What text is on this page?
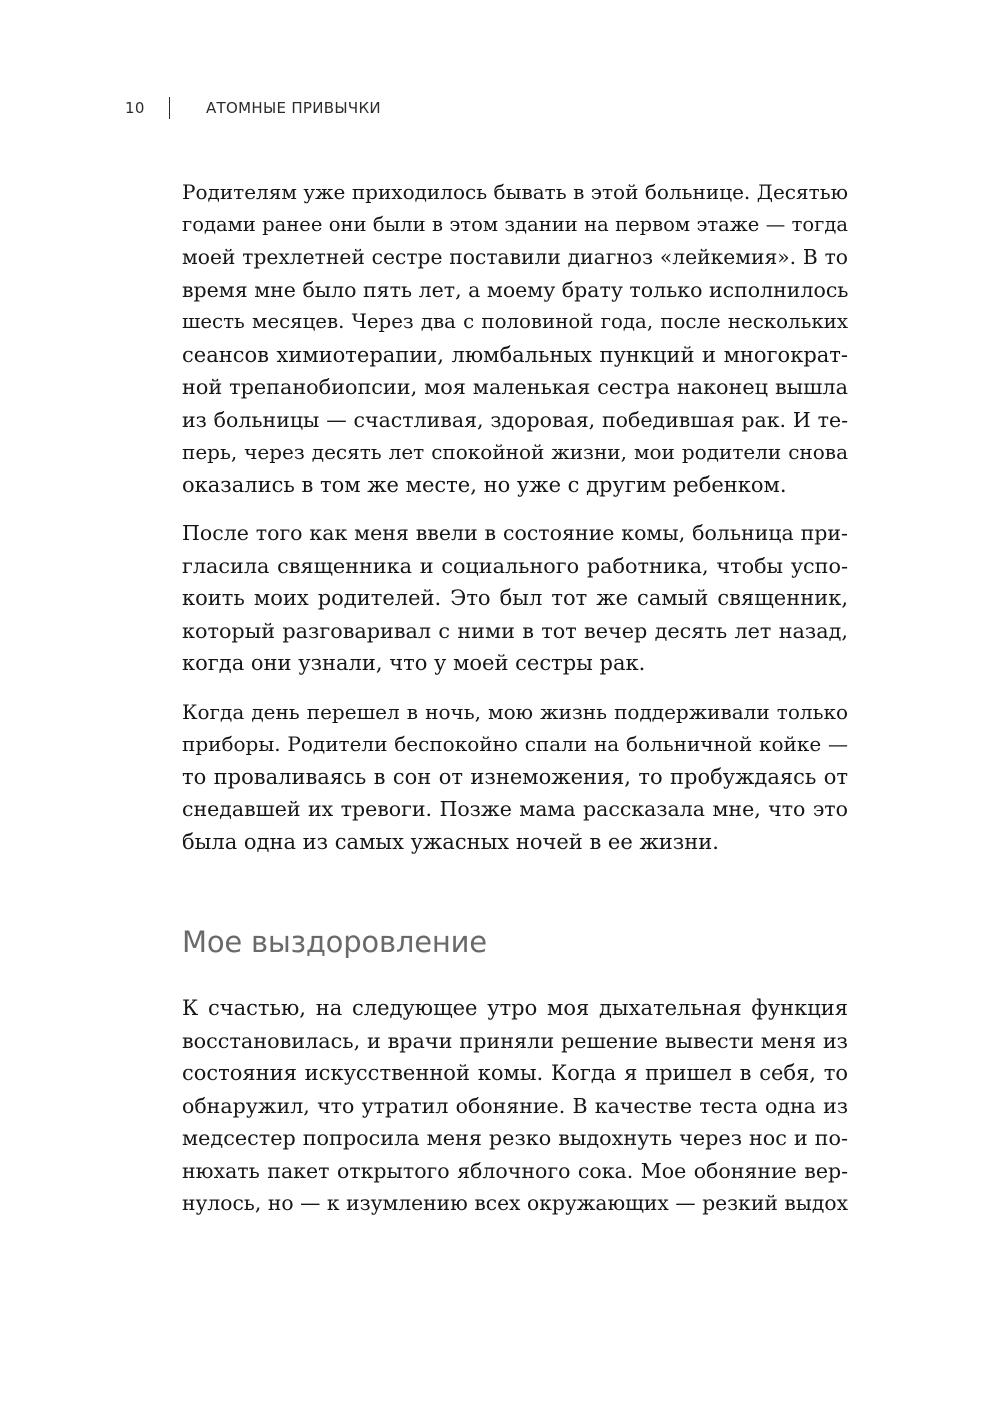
10	АТОМНЫЕ ПРИВЫЧКИ
Родителям уже приходилось бывать в этой больнице. Десятью
годами ранее они были в этом здании на первом этаже — тогда
моей трехлетней сестре поставили диагноз «лейкемия». В то
время мне было пять лет, а моему брату только исполнилось
шесть месяцев. Через два с половиной года, после нескольких
сеансов химиотерапии, люмбальных пункций и многократ-
ной трепанобиопсии, моя маленькая сестра наконец вышла
из больницы — счастливая, здоровая, победившая рак. И те-
перь, через десять лет спокойной жизни, мои родители снова
оказались в том же месте, но уже с другим ребенком.
После того как меня ввели в состояние комы, больница при-
гласила священника и социального работника, чтобы успо-
коить моих родителей. Это был тот же самый священник,
который разговаривал с ними в тот вечер десять лет назад,
когда они узнали, что у моей сестры рак.
Когда день перешел в ночь, мою жизнь поддерживали только
приборы. Родители беспокойно спали на больничной койке —
то проваливаясь в сон от изнеможения, то пробуждаясь от
снедавшей их тревоги. Позже мама рассказала мне, что это
была одна из самых ужасных ночей в ее жизни.
Мое выздоровление
К счастью, на следующее утро моя дыхательная функция
восстановилась, и врачи приняли решение вывести меня из
состояния искусственной комы. Когда я пришел в себя, то
обнаружил, что утратил обоняние. В качестве теста одна из
медсестер попросила меня резко выдохнуть через нос и по-
нюхать пакет открытого яблочного сока. Мое обоняние вер-
нулось, но — к изумлению всех окружающих — резкий выдох
